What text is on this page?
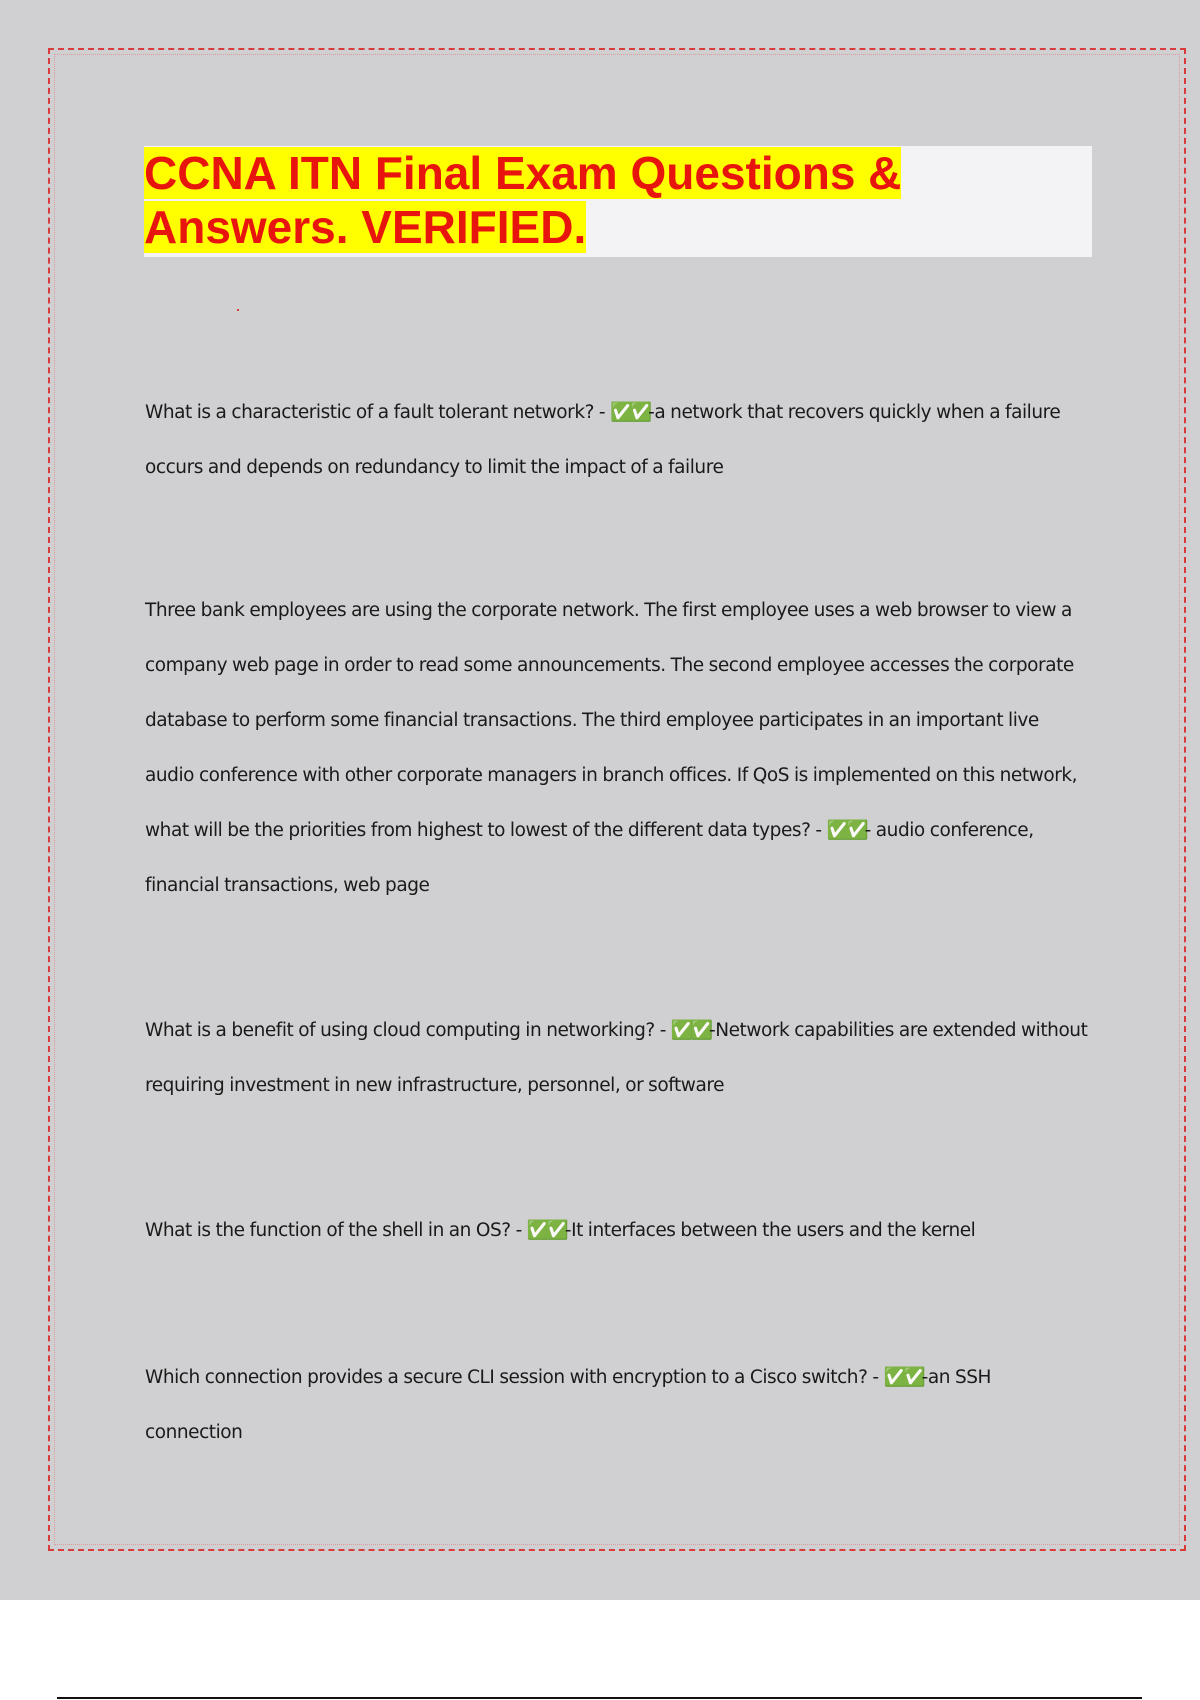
CCNA ITN Final Exam Questions &
Answers. VERIFIED.

What is a characteristic of a fault tolerant network? - ✅✅-a network that recovers quickly when a failure occurs and depends on redundancy to limit the impact of a failure

Three bank employees are using the corporate network. The first employee uses a web browser to view a company web page in order to read some announcements. The second employee accesses the corporate database to perform some financial transactions. The third employee participates in an important live audio conference with other corporate managers in branch offices. If QoS is implemented on this network, what will be the priorities from highest to lowest of the different data types? - ✅✅- audio conference, financial transactions, web page

What is a benefit of using cloud computing in networking? - ✅✅-Network capabilities are extended without requiring investment in new infrastructure, personnel, or software

What is the function of the shell in an OS? - ✅✅-It interfaces between the users and the kernel

Which connection provides a secure CLI session with encryption to a Cisco switch? - ✅✅-an SSH connection
